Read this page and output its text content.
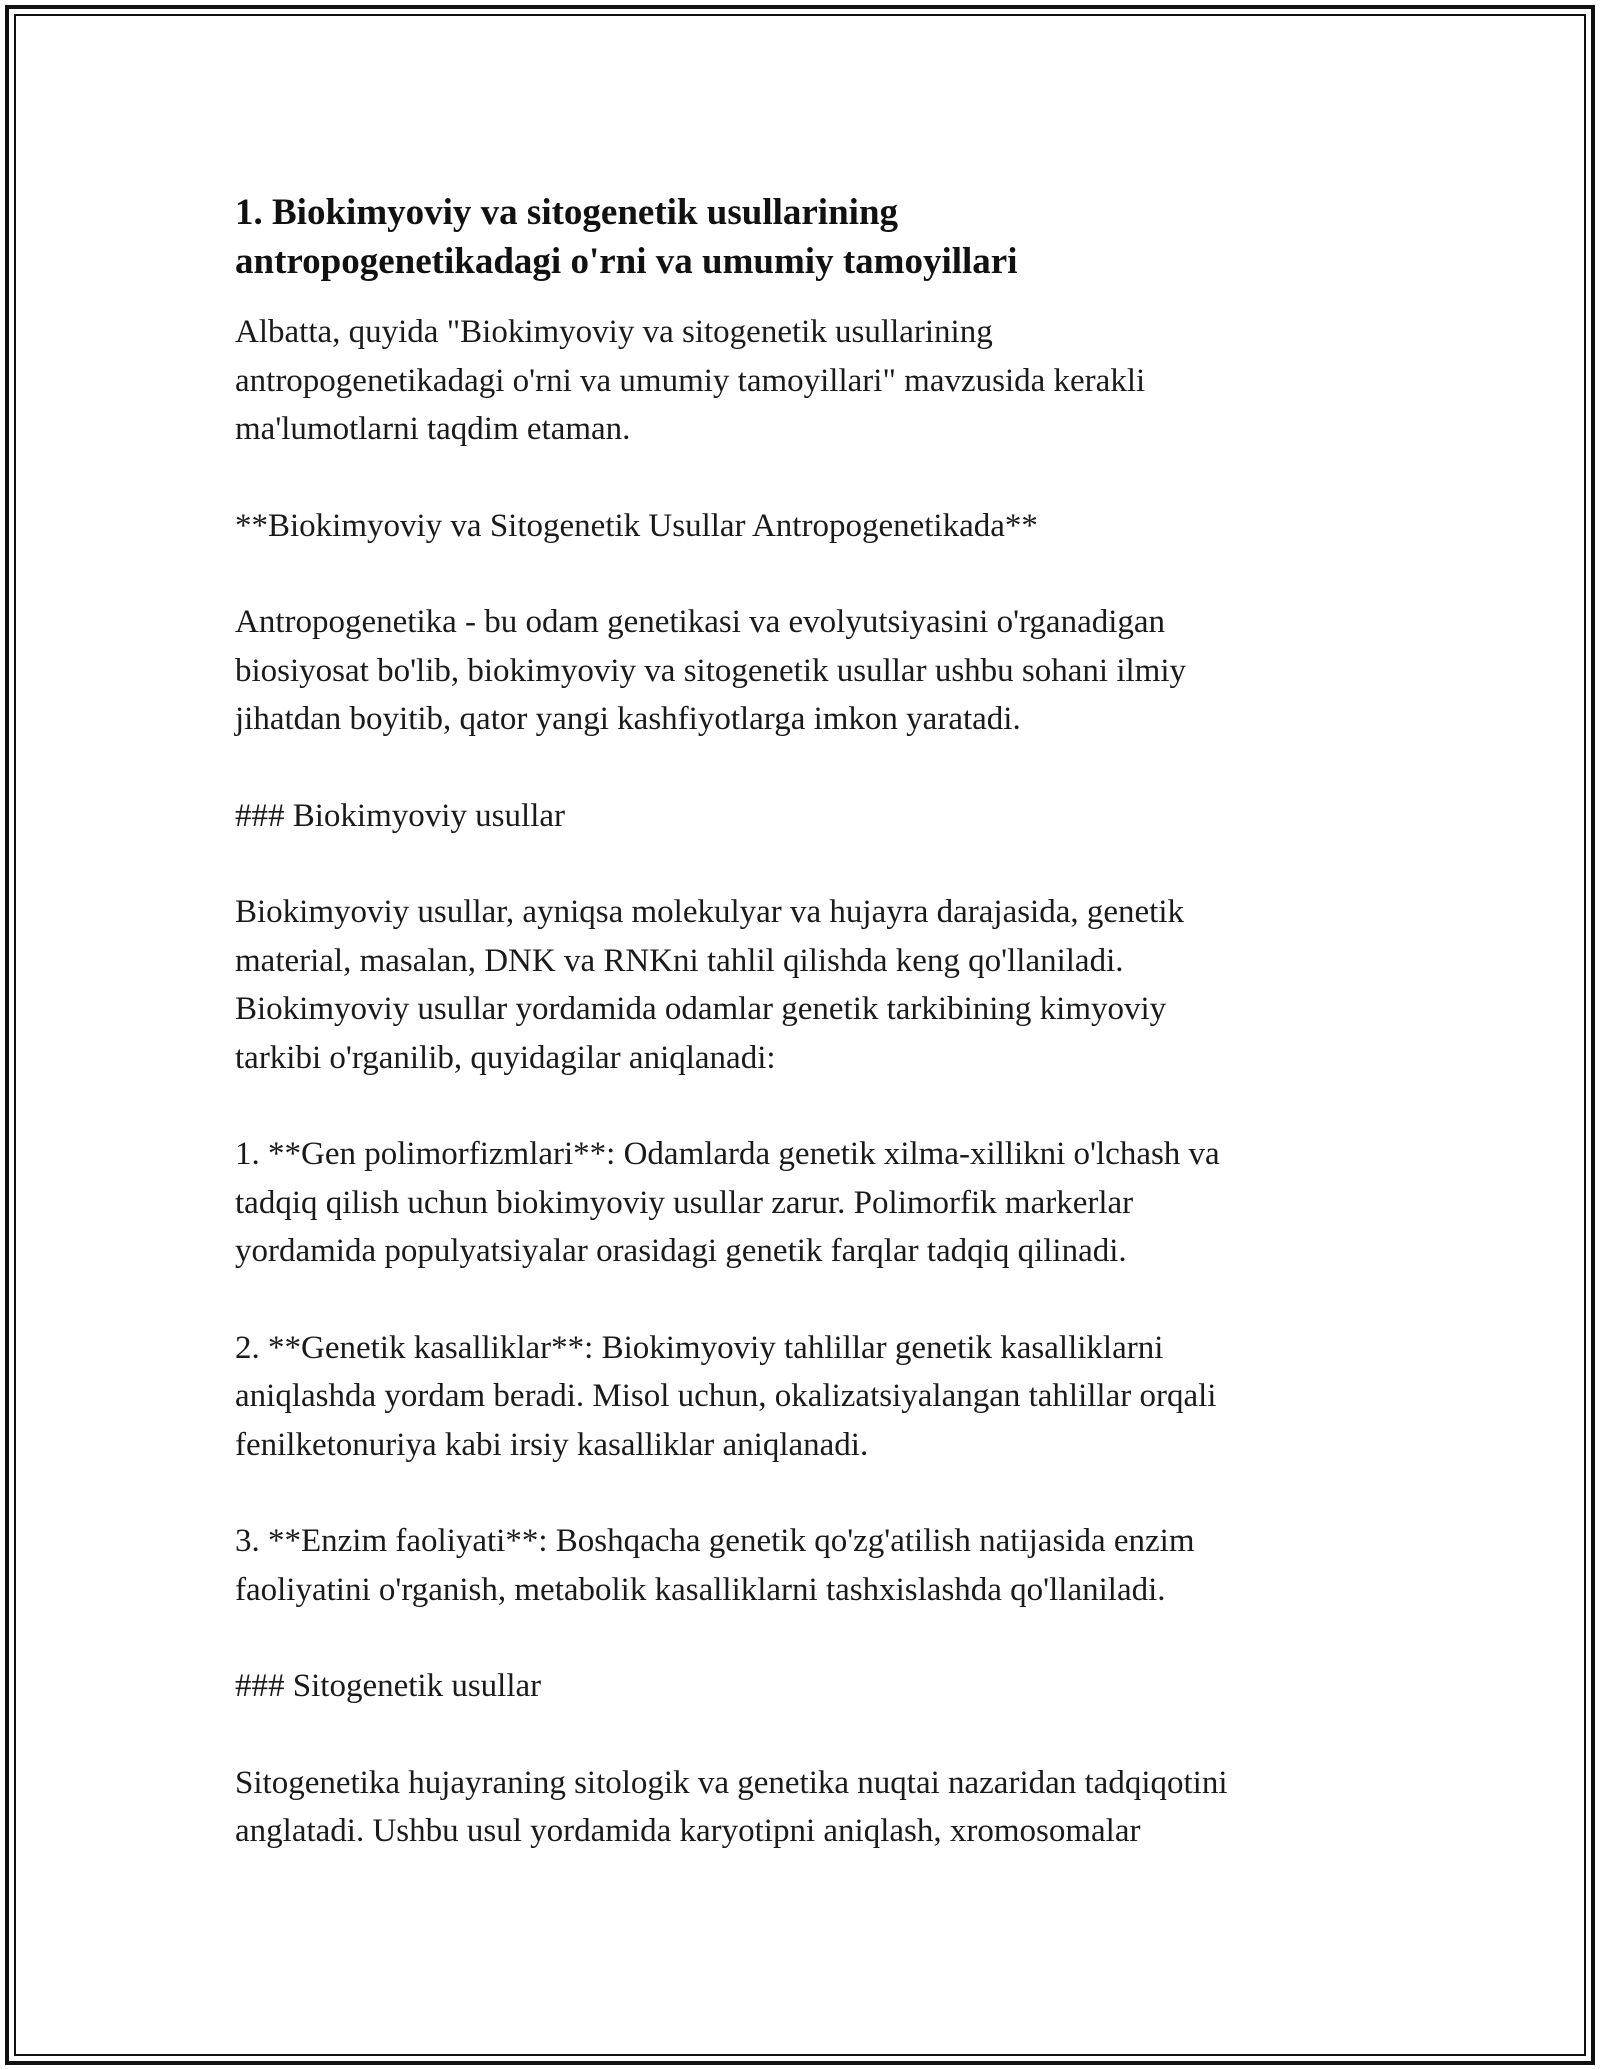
1. Biokimyoviy va sitogenetik usullarining
antropogenetikadagi o'rni va umumiy tamoyillari

Albatta, quyida "Biokimyoviy va sitogenetik usullarining
antropogenetikadagi o'rni va umumiy tamoyillari" mavzusida kerakli
ma'lumotlarni taqdim etaman.

**Biokimyoviy va Sitogenetik Usullar Antropogenetikada**

Antropogenetika - bu odam genetikasi va evolyutsiyasini o'rganadigan
biosiyosat bo'lib, biokimyoviy va sitogenetik usullar ushbu sohani ilmiy
jihatdan boyitib, qator yangi kashfiyotlarga imkon yaratadi.

### Biokimyoviy usullar

Biokimyoviy usullar, ayniqsa molekulyar va hujayra darajasida, genetik
material, masalan, DNK va RNKni tahlil qilishda keng qo'llaniladi.
Biokimyoviy usullar yordamida odamlar genetik tarkibining kimyoviy
tarkibi o'rganilib, quyidagilar aniqlanadi:

1. **Gen polimorfizmlari**: Odamlarda genetik xilma-xillikni o'lchash va
tadqiq qilish uchun biokimyoviy usullar zarur. Polimorfik markerlar
yordamida populyatsiyalar orasidagi genetik farqlar tadqiq qilinadi.

2. **Genetik kasalliklar**: Biokimyoviy tahlillar genetik kasalliklarni
aniqlashda yordam beradi. Misol uchun, okalizatsiyalangan tahlillar orqali
fenilketonuriya kabi irsiy kasalliklar aniqlanadi.

3. **Enzim faoliyati**: Boshqacha genetik qo'zg'atilish natijasida enzim
faoliyatini o'rganish, metabolik kasalliklarni tashxislashda qo'llaniladi.

### Sitogenetik usullar

Sitogenetika hujayraning sitologik va genetika nuqtai nazaridan tadqiqotini
anglatadi. Ushbu usul yordamida karyotipni aniqlash, xromosomalar
